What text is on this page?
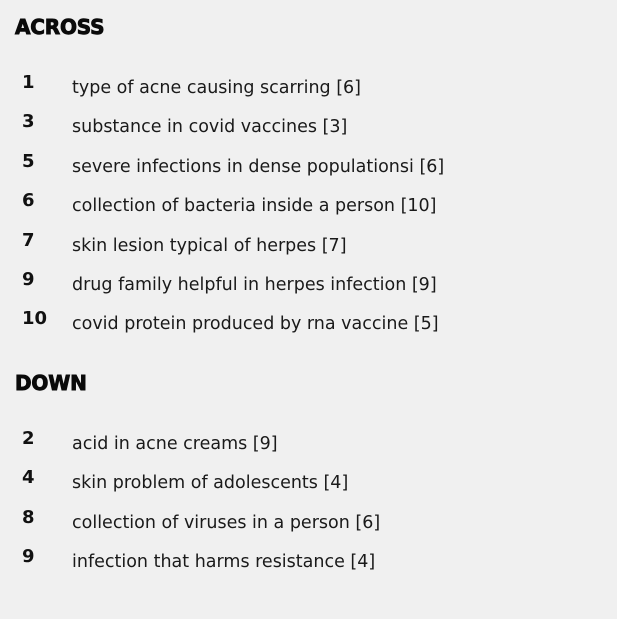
ACROSS
1 type of acne causing scarring [6]
3 substance in covid vaccines [3]
5 severe infections in dense populationsi [6]
6 collection of bacteria inside a person [10]
7 skin lesion typical of herpes [7]
9 drug family helpful in herpes infection [9]
10 covid protein produced by rna vaccine [5]
DOWN
2 acid in acne creams [9]
4 skin problem of adolescents [4]
8 collection of viruses in a person [6]
9 infection that harms resistance [4]
